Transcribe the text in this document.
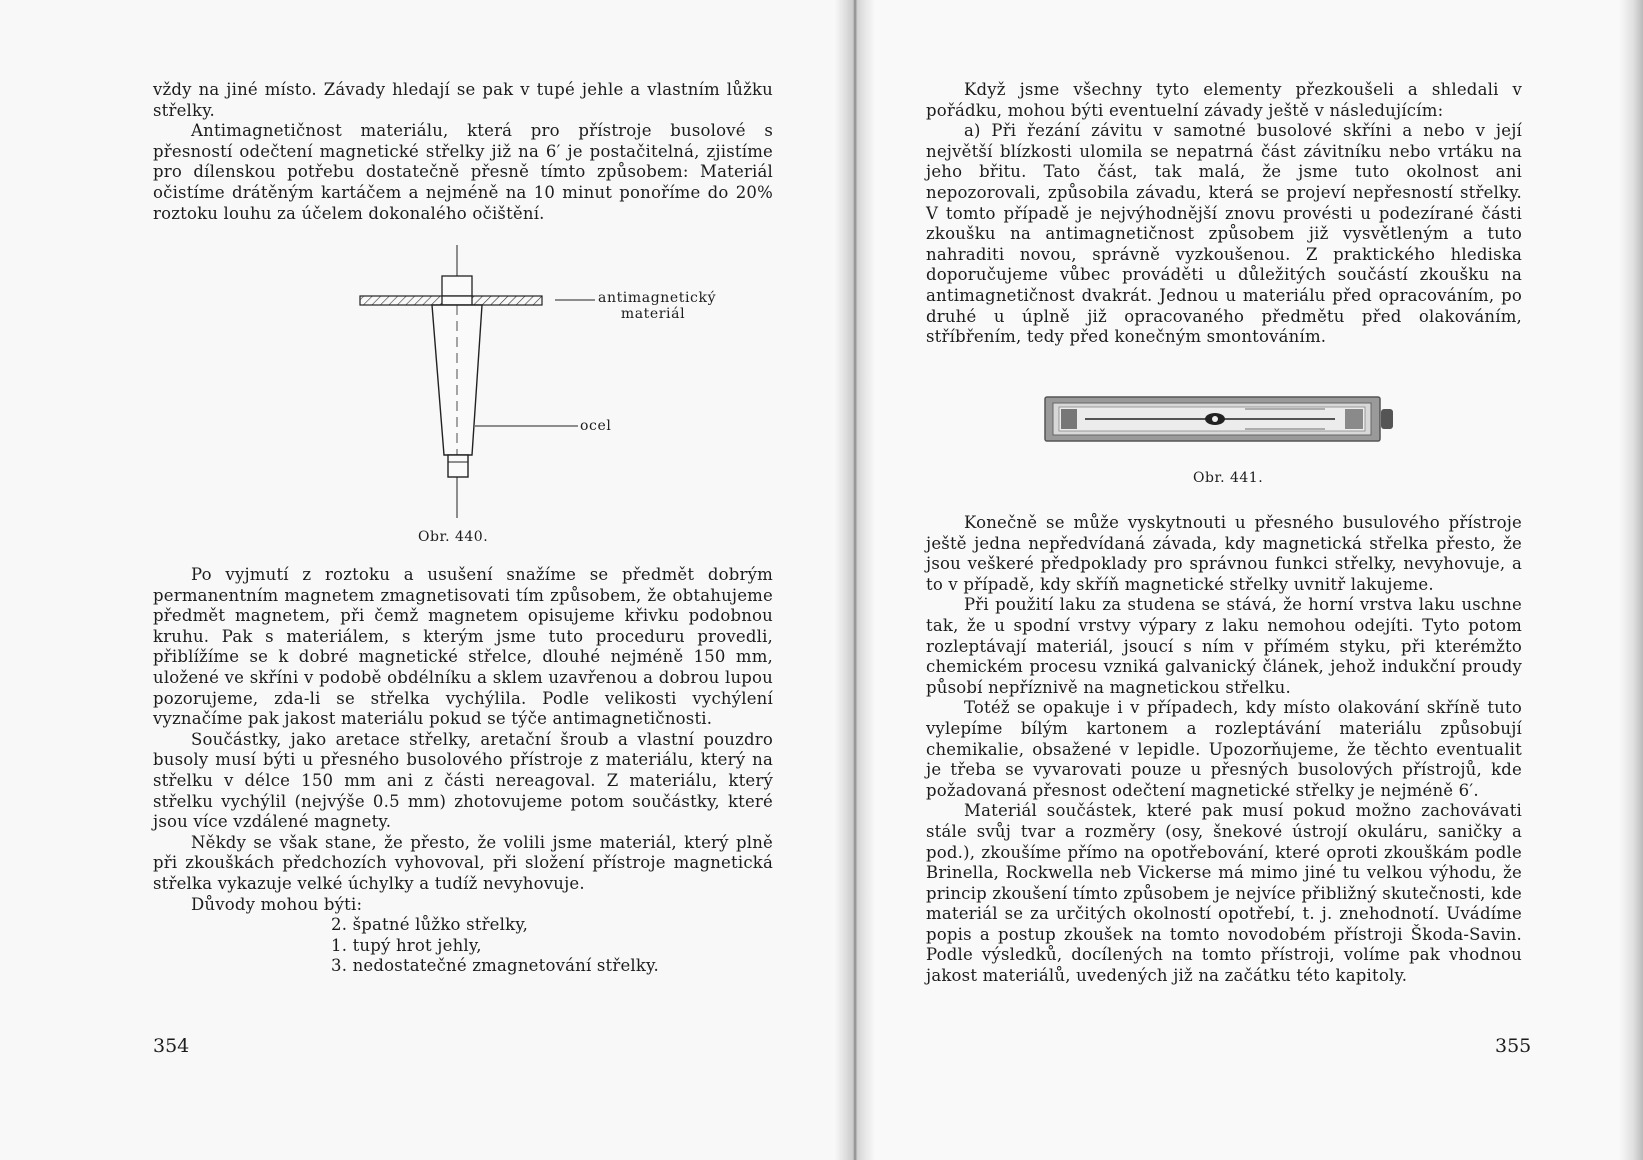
vždy na jiné místo. Závady hledají se pak v tupé jehle a vlastním lůžku střelky.

Antimagnetičnost materiálu, která pro přístroje busolové s přesností odečtení magnetické střelky již na 6′ je postačitelná, zjistíme pro dílenskou potřebu dostatečně přesně tímto způsobem: Materiál očistíme drátěným kartáčem a nejméně na 10 minut ponoříme do 20% roztoku louhu za účelem dokonalého očištění.

antimagnetický materiál
ocel
Obr. 440.

Po vyjmutí z roztoku a usušení snažíme se předmět dobrým permanentním magnetem zmagnetisovati tím způsobem, že obtahujeme předmět magnetem, při čemž magnetem opisujeme křivku podobnou kruhu. Pak s materiálem, s kterým jsme tuto proceduru provedli, přiblížíme se k dobré magnetické střelce, dlouhé nejméně 150 mm, uložené ve skříni v podobě obdélníku a sklem uzavřenou a dobrou lupou pozorujeme, zda-li se střelka vychýlila. Podle velikosti vychýlení vyznačíme pak jakost materiálu pokud se týče antimagnetičnosti.

Součástky, jako aretace střelky, aretační šroub a vlastní pouzdro busoly musí býti u přesného busolového přístroje z materiálu, který na střelku v délce 150 mm ani z části nereagoval. Z materiálu, který střelku vychýlil (nejvýše 0.5 mm) zhotovujeme potom součástky, které jsou více vzdálené magnety.

Někdy se však stane, že přesto, že volili jsme materiál, který plně při zkouškách předchozích vyhovoval, při složení přístroje magnetická střelka vykazuje velké úchylky a tudíž nevyhovuje.

Důvody mohou býti:

2. špatné lůžko střelky,

1. tupý hrot jehly,

3. nedostatečné zmagnetování střelky.

354

Když jsme všechny tyto elementy přezkoušeli a shledali v pořádku, mohou býti eventuelní závady ještě v následujícím:

a) Při řezání závitu v samotné busolové skříni a nebo v její největší blízkosti ulomila se nepatrná část závitníku nebo vrtáku na jeho břitu. Tato část, tak malá, že jsme tuto okolnost ani nepozorovali, způsobila závadu, která se projeví nepřesností střelky. V tomto případě je nejvýhodnější znovu provésti u podezírané části zkoušku na antimagnetičnost způsobem již vysvětleným a tuto nahraditi novou, správně vyzkoušenou. Z praktického hlediska doporučujeme vůbec prováděti u důležitých součástí zkoušku na antimagnetičnost dvakrát. Jednou u materiálu před opracováním, po druhé u úplně již opracovaného předmětu před olakováním, stříbřením, tedy před konečným smontováním.

Obr. 441.

Konečně se může vyskytnouti u přesného busulového přístroje ještě jedna nepředvídaná závada, kdy magnetická střelka přesto, že jsou veškeré předpoklady pro správnou funkci střelky, nevyhovuje, a to v případě, kdy skříň magnetické střelky uvnitř lakujeme.

Při použití laku za studena se stává, že horní vrstva laku uschne tak, že u spodní vrstvy výpary z laku nemohou odejíti. Tyto potom rozleptávají materiál, jsoucí s ním v přímém styku, při kterémžto chemickém procesu vzniká galvanický článek, jehož indukční proudy působí nepříznivě na magnetickou střelku.

Totéž se opakuje i v případech, kdy místo olakování skříně tuto vylepíme bílým kartonem a rozleptávání materiálu způsobují chemikalie, obsažené v lepidle. Upozorňujeme, že těchto eventualit je třeba se vyvarovati pouze u přesných busolových přístrojů, kde požadovaná přesnost odečtení magnetické střelky je nejméně 6′.

Materiál součástek, které pak musí pokud možno zachovávati stále svůj tvar a rozměry (osy, šnekové ústrojí okuláru, saničky a pod.), zkoušíme přímo na opotřebování, které oproti zkouškám podle Brinella, Rockwella neb Vickerse má mimo jiné tu velkou výhodu, že princip zkoušení tímto způsobem je nejvíce přibližný skutečnosti, kde materiál se za určitých okolností opotřebí, t. j. znehodnotí. Uvádíme popis a postup zkoušek na tomto novodobém přístroji Škoda-Savin. Podle výsledků, docílených na tomto přístroji, volíme pak vhodnou jakost materiálů, uvedených již na začátku této kapitoly.

355
